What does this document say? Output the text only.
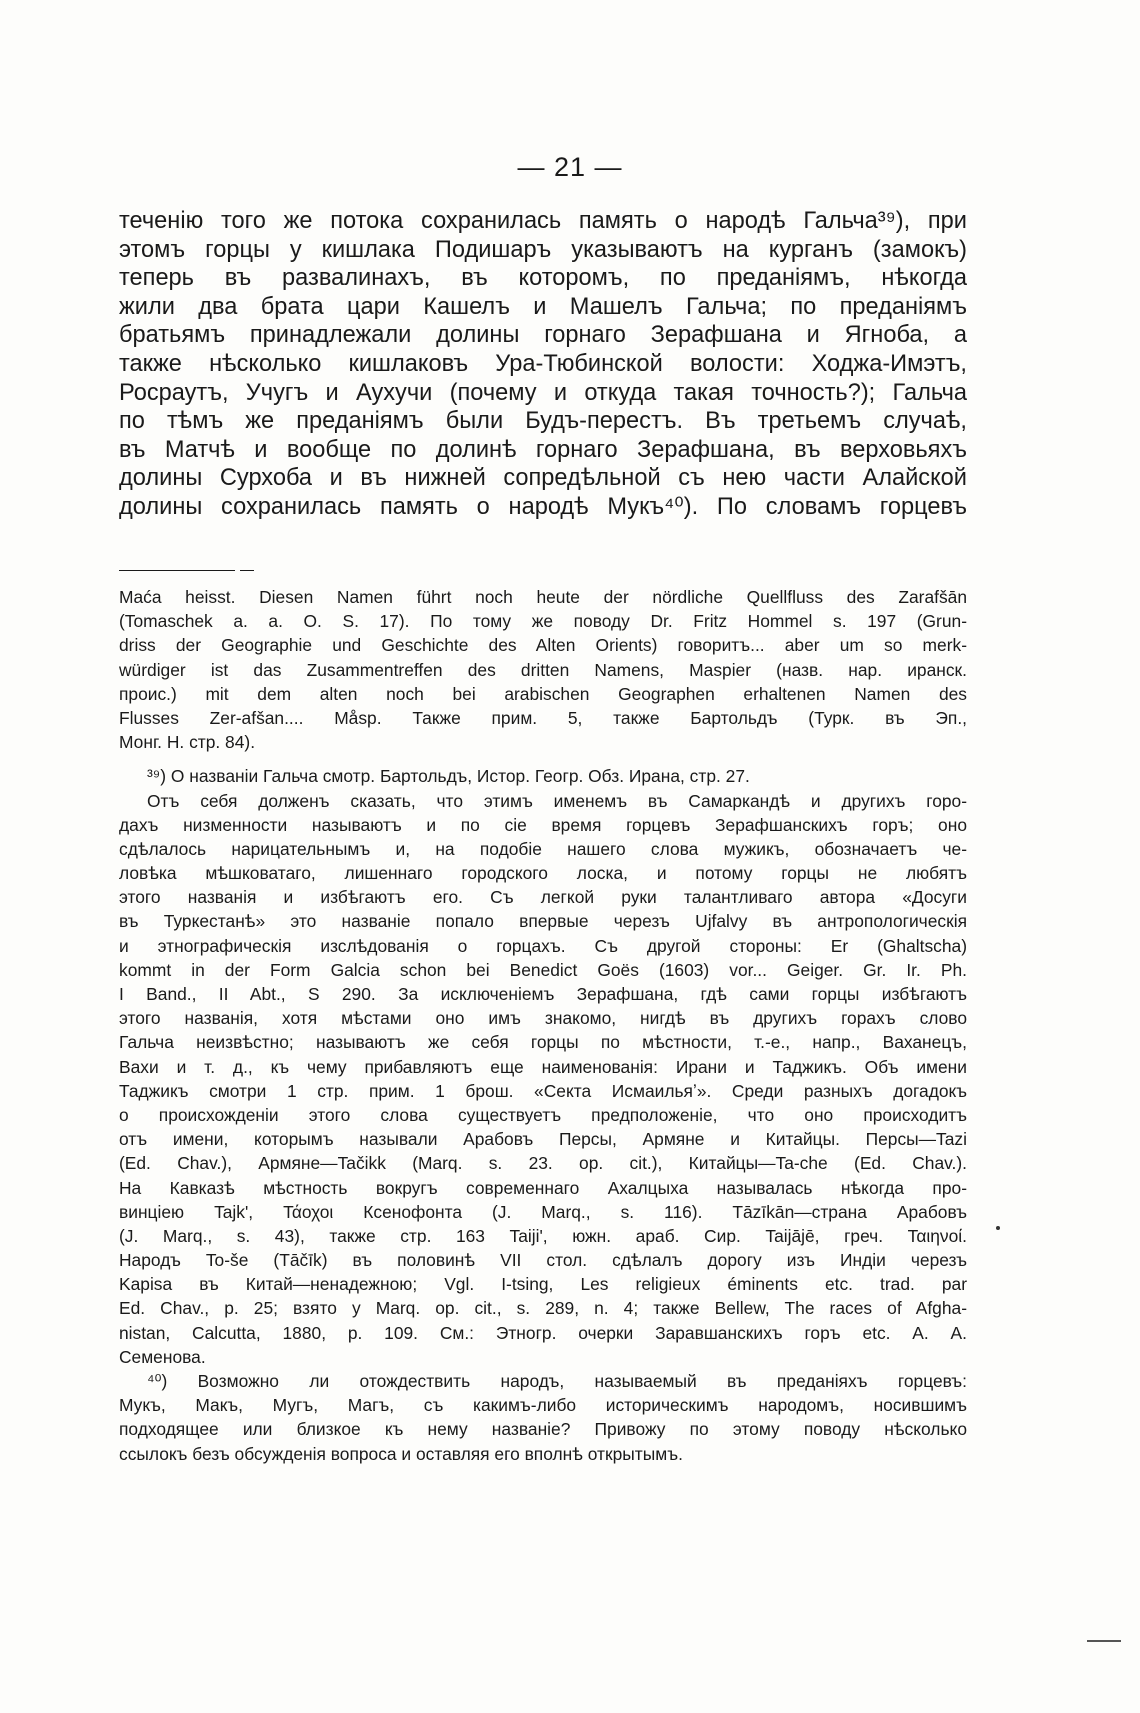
— 21 —
теченію того же потока сохранилась память о народѣ Гальча³⁹), при
этомъ горцы у кишлака Подишаръ указываютъ на курганъ (замокъ)
теперь въ развалинахъ, въ которомъ, по преданіямъ, нѣкогда
жили два брата цари Кашелъ и Машелъ Гальча; по преданіямъ
братьямъ принадлежали долины горнаго Зерафшана и Ягноба, а
также нѣсколько кишлаковъ Ура-Тюбинской волости: Ходжа-Имэтъ,
Росраутъ, Учугъ и Аухучи (почему и откуда такая точность?); Гальча
по тѣмъ же преданіямъ были Будъ-перестъ. Въ третьемъ случаѣ,
въ Матчѣ и вообще по долинѣ горнаго Зерафшана, въ верховьяхъ
долины Сурхоба и въ нижней сопредѣльной съ нею части Алайской
долины сохранилась память о народѣ Мукъ⁴⁰). По словамъ горцевъ
Maća heisst. Diesen Namen führt noch heute der nördliche Quellfluss des Zarafšān
(Tomaschek a. a. O. S. 17). По тому же поводу Dr. Fritz Hommel s. 197 (Grun-
driss der Geographie und Geschichte des Alten Orients) говоритъ... aber um so merk-
würdiger ist das Zusammentreffen des dritten Namens, Maspier (назв. нар. иранск.
проис.) mit dem alten noch bei arabischen Geographen erhaltenen Namen des
Flusses Zer-afšan.... Måsp. Также прим. 5, также Бартольдъ (Турк. въ Эп.,
Монг. Н. стр. 84).
³⁹) О названіи Гальча смотр. Бартольдъ, Истор. Геогр. Обз. Ирана, стр. 27.
Отъ себя долженъ сказать, что этимъ именемъ въ Самаркандѣ и другихъ горо-
дахъ низменности называютъ и по сіе время горцевъ Зерафшанскихъ горъ; оно
сдѣлалось нарицательнымъ и, на подобіе нашего слова мужикъ, обозначаетъ че-
ловѣка мѣшковатаго, лишеннаго городского лоска, и потому горцы не любятъ
этого названія и избѣгаютъ его. Съ легкой руки талантливаго автора «Досуги
въ Туркестанѣ» это названіе попало впервые черезъ Ujfalvy въ антропологическія
и этнографическія изслѣдованія о горцахъ. Съ другой стороны: Er (Ghaltscha)
kommt in der Form Galcia schon bei Benedict Goës (1603) vor... Geiger. Gr. Ir. Ph.
I Band., II Abt., S 290. За исключеніемъ Зерафшана, гдѣ сами горцы избѣгаютъ
этого названія, хотя мѣстами оно имъ знакомо, нигдѣ въ другихъ горахъ слово
Гальча неизвѣстно; называютъ же себя горцы по мѣстности, т.-е., напр., Ваханецъ,
Вахи и т. д., къ чему прибавляютъ еще наименованія: Ирани и Таджикъ. Объ имени
Таджикъ смотри 1 стр. прим. 1 брош. «Секта Исмаильяʼ». Среди разныхъ догадокъ
о происхожденіи этого слова существуетъ предположеніе, что оно происходитъ
отъ имени, которымъ называли Арабовъ Персы, Армяне и Китайцы. Персы—Tazi
(Ed. Chav.), Армяне—Tačikk (Marq. s. 23. op. cit.), Китайцы—Ta-che (Ed. Chav.).
На Кавказѣ мѣстность вокругъ современнаго Ахалцыха называлась нѣкогда про-
винціею Tajk', Τάοχοι Ксенофонта (J. Marq., s. 116). Tāzīkān—страна Арабовъ
(J. Marq., s. 43), также стр. 163 Taiji', южн. араб. Сир. Taijājē, греч. Ταιηνοί.
Народъ To-še (Tāčīk) въ половинѣ VII стол. сдѣлалъ дорогу изъ Индіи черезъ
Kapisa въ Китай—ненадежною; Vgl. I-tsing, Les religieux éminents etc. trad. par
Ed. Chav., p. 25; взято у Marq. op. cit., s. 289, n. 4; также Bellew, The races of Afgha-
nistan, Calcutta, 1880, p. 109. См.: Этногр. очерки Заравшанскихъ горъ etc. А. А.
Семенова.
⁴⁰) Возможно ли отождествить народъ, называемый въ преданіяхъ горцевъ:
Мукъ, Макъ, Мугъ, Магъ, съ какимъ-либо историческимъ народомъ, носившимъ
подходящее или близкое къ нему названіе? Привожу по этому поводу нѣсколько
ссылокъ безъ обсужденія вопроса и оставляя его вполнѣ открытымъ.
